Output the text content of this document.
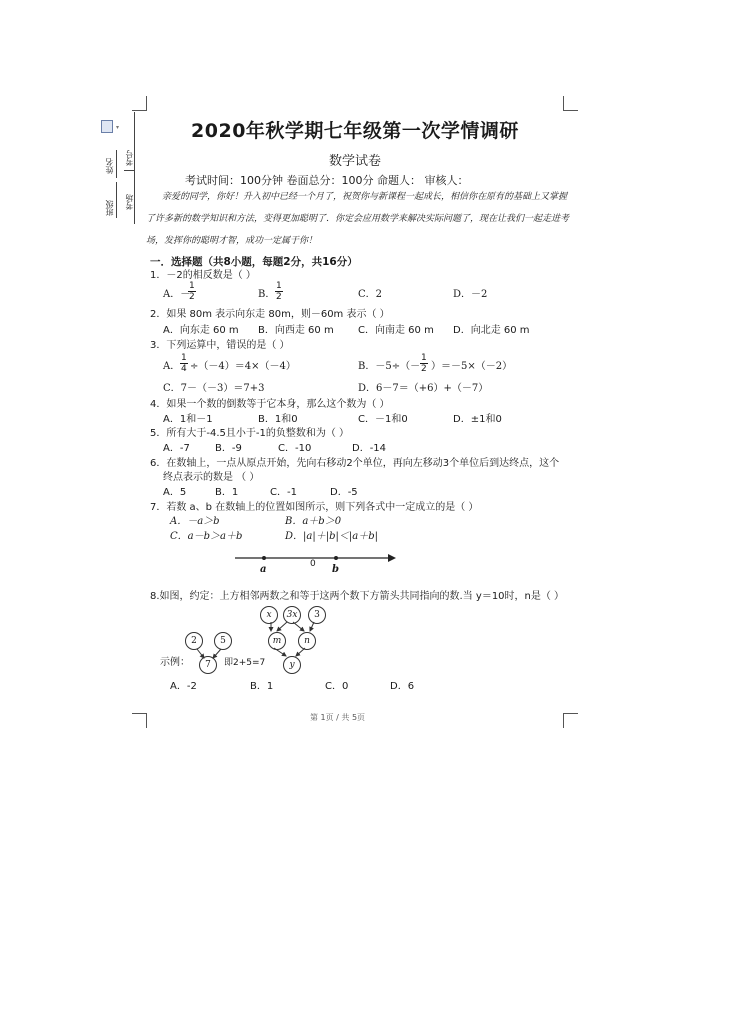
▾
姓名 考号
班级 考场
2020年秋学期七年级第一次学情调研
数学试卷
考试时间：100分钟 卷面总分：100分 命题人： 审核人：
亲爱的同学，你好！升入初中已经一个月了，祝贺你与新课程一起成长，相信你在原有的基础上又掌握了许多新的数学知识和方法，变得更加聪明了．你定会应用数学来解决实际问题了，现在让我们一起走进考场，发挥你的聪明才智，成功一定属于你！
一．选择题（共8小题，每题2分，共16分）
1．－2的相反数是（ ）
A．－
$\frac{1}{2}$	B． $\frac{1}{2}$	C．2	D．－2
2．如果 80m 表示向东走 80m，则－60m 表示（ ）
A．向东走 60 m B．向西走 60 m C．向南走 60 m D．向北走 60 m
3．下列运算中，错误的是（ ）
A． $\frac{1}{4} \div(-4)=4\times(-4)$	B．$-5\div(- \frac{1}{2} )=-5\times(-2)$
C．7－（－3）＝7+3	D．6－7＝（+6）+（－7）
4．如果一个数的倒数等于它本身，那么这个数为（ ）
A．1和－1	B．1和0	C．－1和0	D．±1和0
5．所有大于-4.5且小于-1的负整数和为（ ）
A．-7	B．-9	C．-10	D．-14
6．在数轴上，一点从原点开始，先向右移动2个单位，再向左移动3个单位后到达终点，这个
终点表示的数是 （ ）
A．5	B．1	C．-1	D．-5
7．若数 a、b 在数轴上的位置如图所示，则下列各式中一定成立的是（ ）
A．－a＞b	B．a＋b＞0
C．a－b＞a＋b	D．|a|＋|b|＜|a＋b|
a	0 b
8.如图，约定：上方相邻两数之和等于这两个数下方箭头共同指向的数.当 y＝10时，n是（ ）
2	5
7
示例：	即2+5=7
x	3x	3
m	n
y
A．-2	B．1	C．0	D．6
第 1页 / 共 5页
